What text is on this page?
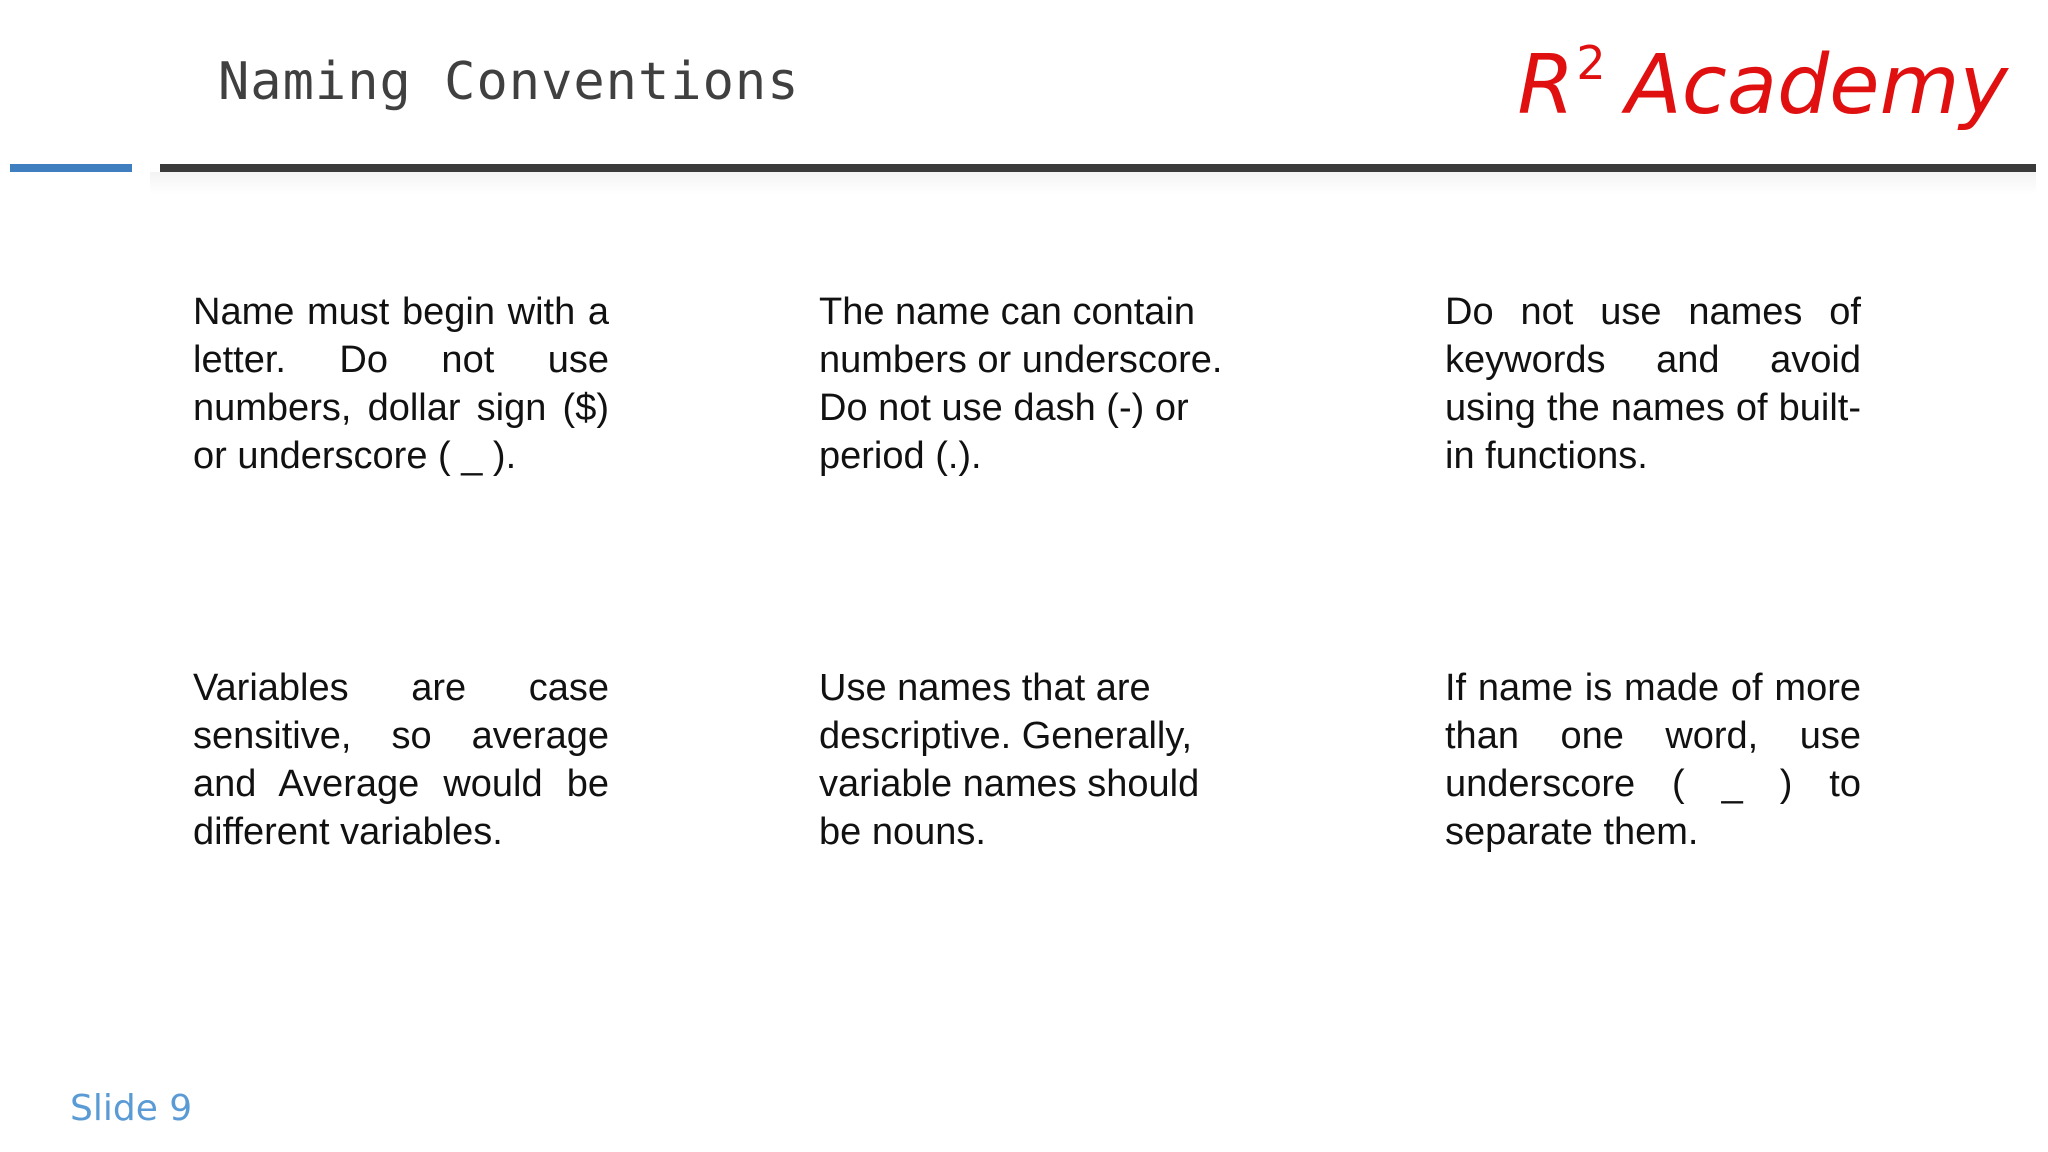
Naming Conventions	$R^2$ Academy
Name must begin with a letter. Do not use numbers, dollar sign ($) or underscore ( _ ).
The name can contain numbers or underscore. Do not use dash (-) or period (.).
Do not use names of keywords and avoid using the names of built-in functions.
Variables are case sensitive, so average and Average would be different variables.
Use names that are descriptive. Generally, variable names should be nouns.
If name is made of more than one word, use underscore ( _ ) to separate them.
Slide 9
